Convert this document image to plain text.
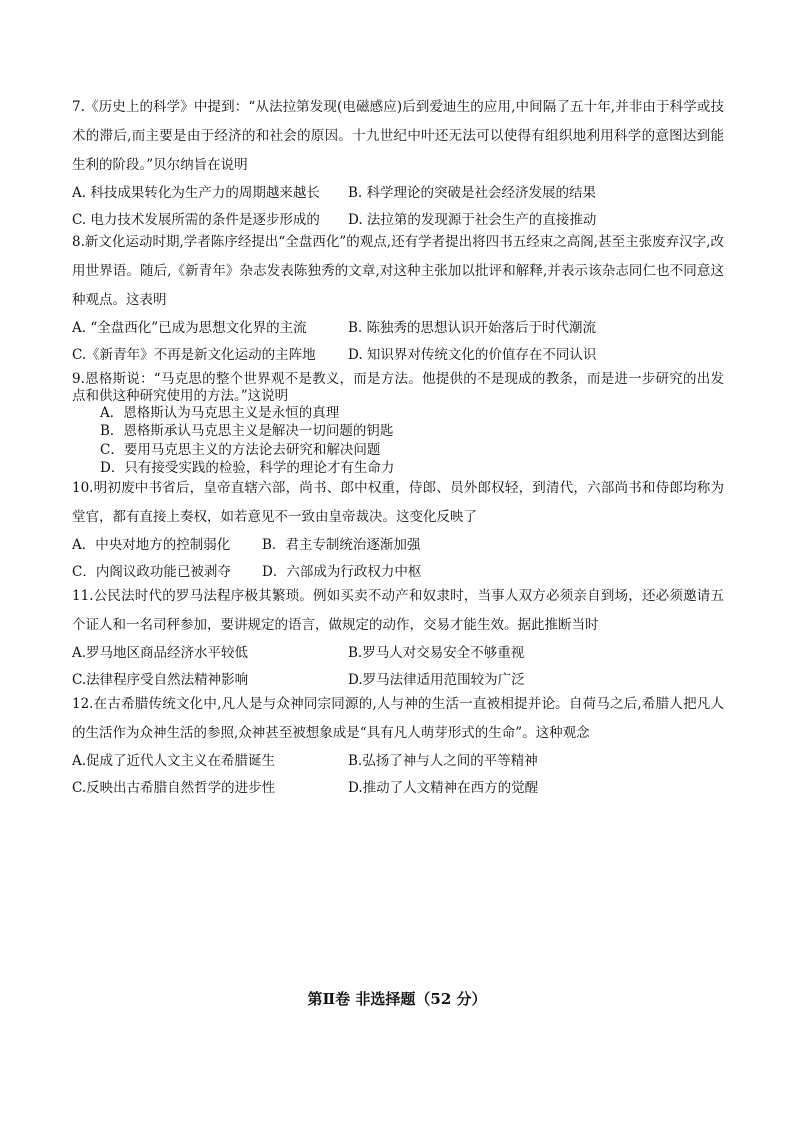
7.《历史上的科学》中提到：“从法拉第发现(电磁感应)后到爱迪生的应用,中间隔了五十年,并非由于科学或技术的滞后,而主要是由于经济的和社会的原因。十九世纪中叶还无法可以使得有组织地利用科学的意图达到能生利的阶段。”贝尔纳旨在说明
A. 科技成果转化为生产力的周期越来越长	B. 科学理论的突破是社会经济发展的结果
C. 电力技术发展所需的条件是逐步形成的	D. 法拉第的发现源于社会生产的直接推动
8.新文化运动时期,学者陈序经提出“全盘西化”的观点,还有学者提出将四书五经束之高阁,甚至主张废弃汉字,改用世界语。随后,《新青年》杂志发表陈独秀的文章,对这种主张加以批评和解释,并表示该杂志同仁也不同意这种观点。这表明
A. “全盘西化”已成为思想文化界的主流	B. 陈独秀的思想认识开始落后于时代潮流
C.《新青年》不再是新文化运动的主阵地	D. 知识界对传统文化的价值存在不同认识
9.恩格斯说：“马克思的整个世界观不是教义，而是方法。他提供的不是现成的教条，而是进一步研究的出发点和供这种研究使用的方法。”这说明
A．恩格斯认为马克思主义是永恒的真理
B．恩格斯承认马克思主义是解决一切问题的钥匙
C．要用马克思主义的方法论去研究和解决问题
D．只有接受实践的检验，科学的理论才有生命力
10.明初废中书省后，皇帝直辖六部，尚书、郎中权重，侍郎、员外郎权轻，到清代，六部尚书和侍郎均称为堂官，都有直接上奏权，如若意见不一致由皇帝裁决。这变化反映了
A．中央对地方的控制弱化	B．君主专制统治逐渐加强
C．内阁议政功能已被剥夺	D．六部成为行政权力中枢
11.公民法时代的罗马法程序极其繁琐。例如买卖不动产和奴隶时，当事人双方必须亲自到场，还必须邀请五个证人和一名司秤参加，要讲规定的语言，做规定的动作，交易才能生效。据此推断当时
A.罗马地区商品经济水平较低	B.罗马人对交易安全不够重视
C.法律程序受自然法精神影响	D.罗马法律适用范围较为广泛
12.在古希腊传统文化中,凡人是与众神同宗同源的,人与神的生活一直被相提并论。自荷马之后,希腊人把凡人的生活作为众神生活的参照,众神甚至被想象成是“具有凡人萌芽形式的生命”。这种观念
A.促成了近代人文主义在希腊诞生	B.弘扬了神与人之间的平等精神
C.反映出古希腊自然哲学的进步性	D.推动了人文精神在西方的觉醒
第Ⅱ卷 非选择题（52 分）
